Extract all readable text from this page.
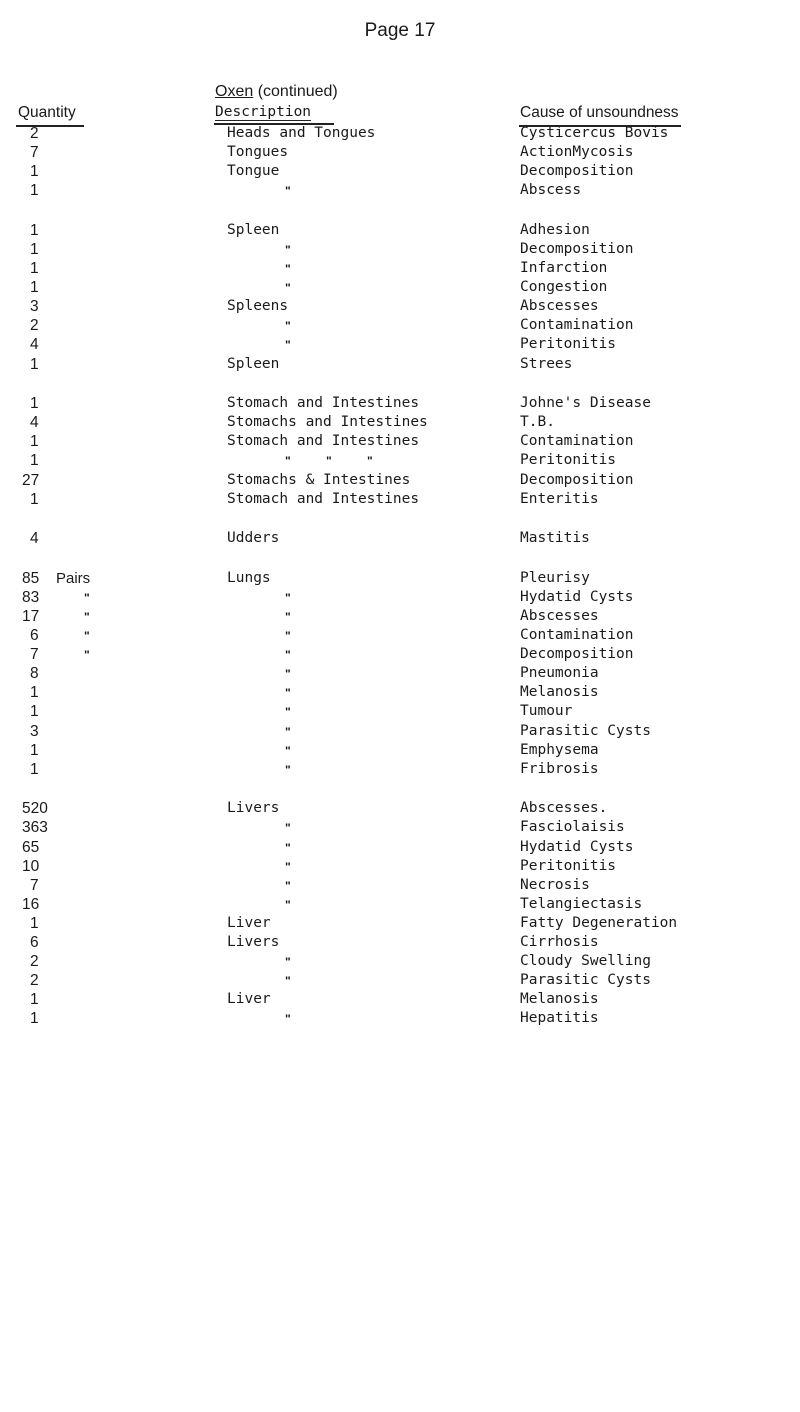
Page 17
Oxen (continued)
Quantity	Description	Cause of unsoundness
2	Heads and Tongues	Cysticercus Bovis
7	Tongues	ActionMycosis
1	Tongue	Decomposition
1	"	Abscess
1	Spleen	Adhesion
1	"	Decomposition
1	"	Infarction
1	"	Congestion
3	Spleens	Abscesses
2	"	Contamination
4	"	Peritonitis
1	Spleen	Strees
1	Stomach and Intestines	Johne's Disease
4	Stomachs and Intestines	T.B.
1	Stomach and Intestines	Contamination
1	" " "	Peritonitis
27	Stomachs & Intestines	Decomposition
1	Stomach and Intestines	Enteritis
4	Udders	Mastitis
85 Pairs	Lungs	Pleurisy
83	"	"	Hydatid Cysts
17	"	"	Abscesses
6	"	"	Contamination
7	"	"	Decomposition
8	"	Pneumonia
1	"	Melanosis
1	"	Tumour
3	"	Parasitic Cysts
1	"	Emphysema
1	"	Fribrosis
520	Livers	Abscesses.
363	"	Fasciolaisis
65	"	Hydatid Cysts
10	"	Peritonitis
7	"	Necrosis
16	"	Telangiectasis
1	Liver	Fatty Degeneration
6	Livers	Cirrhosis
2	"	Cloudy Swelling
2	"	Parasitic Cysts
1	Liver	Melanosis
1	"	Hepatitis
